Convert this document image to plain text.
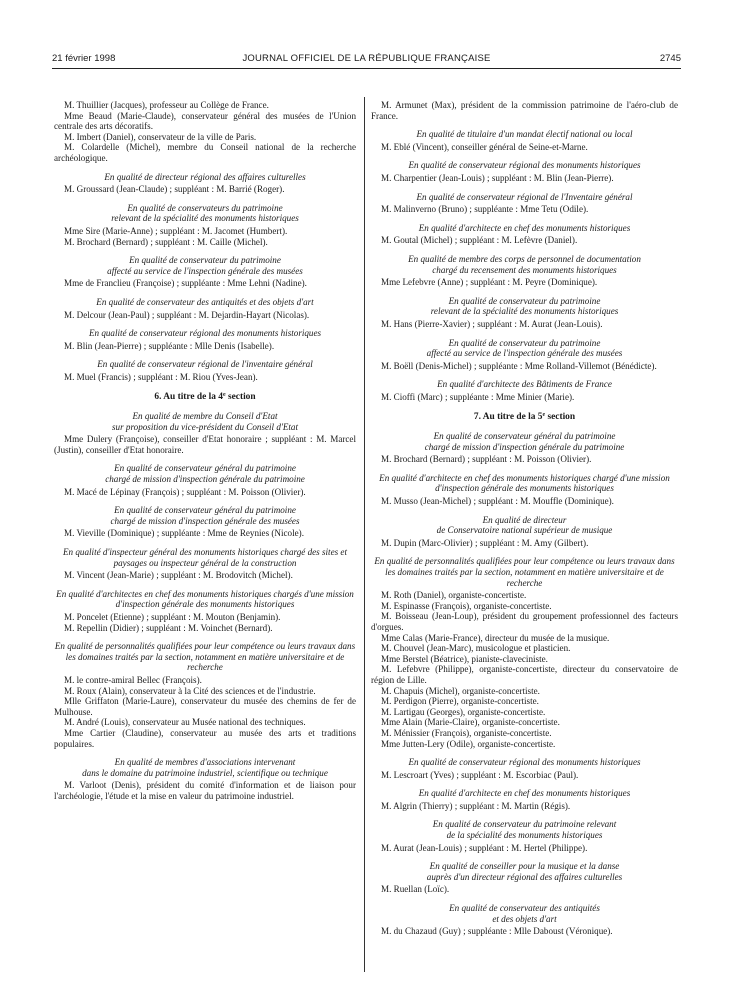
21 février 1998	JOURNAL OFFICIEL DE LA RÉPUBLIQUE FRANÇAISE	2745

M. Thuillier (Jacques), professeur au Collège de France.

Mme Beaud (Marie-Claude), conservateur général des musées de l'Union centrale des arts décoratifs.

M. Imbert (Daniel), conservateur de la ville de Paris.

M. Colardelle (Michel), membre du Conseil national de la recherche archéologique.

En qualité de directeur régional des affaires culturelles

M. Groussard (Jean-Claude) ; suppléant : M. Barrié (Roger).

En qualité de conservateurs du patrimoine
relevant de la spécialité des monuments historiques

Mme Sire (Marie-Anne) ; suppléant : M. Jacomet (Humbert).

M. Brochard (Bernard) ; suppléant : M. Caille (Michel).

En qualité de conservateur du patrimoine
affecté au service de l'inspection générale des musées

Mme de Franclieu (Françoise) ; suppléante : Mme Lehni (Nadine).

En qualité de conservateur des antiquités et des objets d'art

M. Delcour (Jean-Paul) ; suppléant : M. Dejardin-Hayart (Nicolas).

En qualité de conservateur régional des monuments historiques

M. Blin (Jean-Pierre) ; suppléante : Mlle Denis (Isabelle).

En qualité de conservateur régional de l'inventaire général

M. Muel (Francis) ; suppléant : M. Riou (Yves-Jean).

6. Au titre de la 4e section

En qualité de membre du Conseil d'Etat
sur proposition du vice-président du Conseil d'Etat

Mme Dulery (Françoise), conseiller d'Etat honoraire ; suppléant : M. Marcel (Justin), conseiller d'Etat honoraire.

En qualité de conservateur général du patrimoine
chargé de mission d'inspection générale du patrimoine

M. Macé de Lépinay (François) ; suppléant : M. Poisson (Olivier).

En qualité de conservateur général du patrimoine
chargé de mission d'inspection générale des musées

M. Vieville (Dominique) ; suppléante : Mme de Reynies (Nicole).

En qualité d'inspecteur général des monuments historiques chargé des sites et paysages ou inspecteur général de la construction

M. Vincent (Jean-Marie) ; suppléant : M. Brodovitch (Michel).

En qualité d'architectes en chef des monuments historiques chargés d'une mission d'inspection générale des monuments historiques

M. Poncelet (Etienne) ; suppléant : M. Mouton (Benjamin).

M. Repellin (Didier) ; suppléant : M. Voinchet (Bernard).

En qualité de personnalités qualifiées pour leur compétence ou leurs travaux dans les domaines traités par la section, notamment en matière universitaire et de recherche

M. le contre-amiral Bellec (François).

M. Roux (Alain), conservateur à la Cité des sciences et de l'industrie.

Mlle Griffaton (Marie-Laure), conservateur du musée des chemins de fer de Mulhouse.

M. André (Louis), conservateur au Musée national des techniques.

Mme Cartier (Claudine), conservateur au musée des arts et traditions populaires.

En qualité de membres d'associations intervenant
dans le domaine du patrimoine industriel, scientifique ou technique

M. Varloot (Denis), président du comité d'information et de liaison pour l'archéologie, l'étude et la mise en valeur du patrimoine industriel.

M. Armunet (Max), président de la commission patrimoine de l'aéro-club de France.

En qualité de titulaire d'un mandat électif national ou local

M. Eblé (Vincent), conseiller général de Seine-et-Marne.

En qualité de conservateur régional des monuments historiques

M. Charpentier (Jean-Louis) ; suppléant : M. Blin (Jean-Pierre).

En qualité de conservateur régional de l'Inventaire général

M. Malinverno (Bruno) ; suppléante : Mme Tetu (Odile).

En qualité d'architecte en chef des monuments historiques

M. Goutal (Michel) ; suppléant : M. Lefèvre (Daniel).

En qualité de membre des corps de personnel de documentation
chargé du recensement des monuments historiques

Mme Lefebvre (Anne) ; suppléant : M. Peyre (Dominique).

En qualité de conservateur du patrimoine
relevant de la spécialité des monuments historiques

M. Hans (Pierre-Xavier) ; suppléant : M. Aurat (Jean-Louis).

En qualité de conservateur du patrimoine
affecté au service de l'inspection générale des musées

M. Boëll (Denis-Michel) ; suppléante : Mme Rolland-Villemot (Bénédicte).

En qualité d'architecte des Bâtiments de France

M. Cioffi (Marc) ; suppléante : Mme Minier (Marie).

7. Au titre de la 5e section

En qualité de conservateur général du patrimoine
chargé de mission d'inspection générale du patrimoine

M. Brochard (Bernard) ; suppléant : M. Poisson (Olivier).

En qualité d'architecte en chef des monuments historiques chargé d'une mission d'inspection générale des monuments historiques

M. Musso (Jean-Michel) ; suppléant : M. Mouffle (Dominique).

En qualité de directeur
de Conservatoire national supérieur de musique

M. Dupin (Marc-Olivier) ; suppléant : M. Amy (Gilbert).

En qualité de personnalités qualifiées pour leur compétence ou leurs travaux dans les domaines traités par la section, notamment en matière universitaire et de recherche

M. Roth (Daniel), organiste-concertiste.

M. Espinasse (François), organiste-concertiste.

M. Boisseau (Jean-Loup), président du groupement professionnel des facteurs d'orgues.

Mme Calas (Marie-France), directeur du musée de la musique.

M. Chouvel (Jean-Marc), musicologue et plasticien.

Mme Berstel (Béatrice), pianiste-claveciniste.

M. Lefebvre (Philippe), organiste-concertiste, directeur du conservatoire de région de Lille.

M. Chapuis (Michel), organiste-concertiste.

M. Perdigon (Pierre), organiste-concertiste.

M. Lartigau (Georges), organiste-concertiste.

Mme Alain (Marie-Claire), organiste-concertiste.

M. Ménissier (François), organiste-concertiste.

Mme Jutten-Lery (Odile), organiste-concertiste.

En qualité de conservateur régional des monuments historiques

M. Lescroart (Yves) ; suppléant : M. Escorbiac (Paul).

En qualité d'architecte en chef des monuments historiques

M. Algrin (Thierry) ; suppléant : M. Martin (Régis).

En qualité de conservateur du patrimoine relevant
de la spécialité des monuments historiques

M. Aurat (Jean-Louis) ; suppléant : M. Hertel (Philippe).

En qualité de conseiller pour la musique et la danse
auprès d'un directeur régional des affaires culturelles

M. Ruellan (Loïc).

En qualité de conservateur des antiquités
et des objets d'art

M. du Chazaud (Guy) ; suppléante : Mlle Daboust (Véronique).
